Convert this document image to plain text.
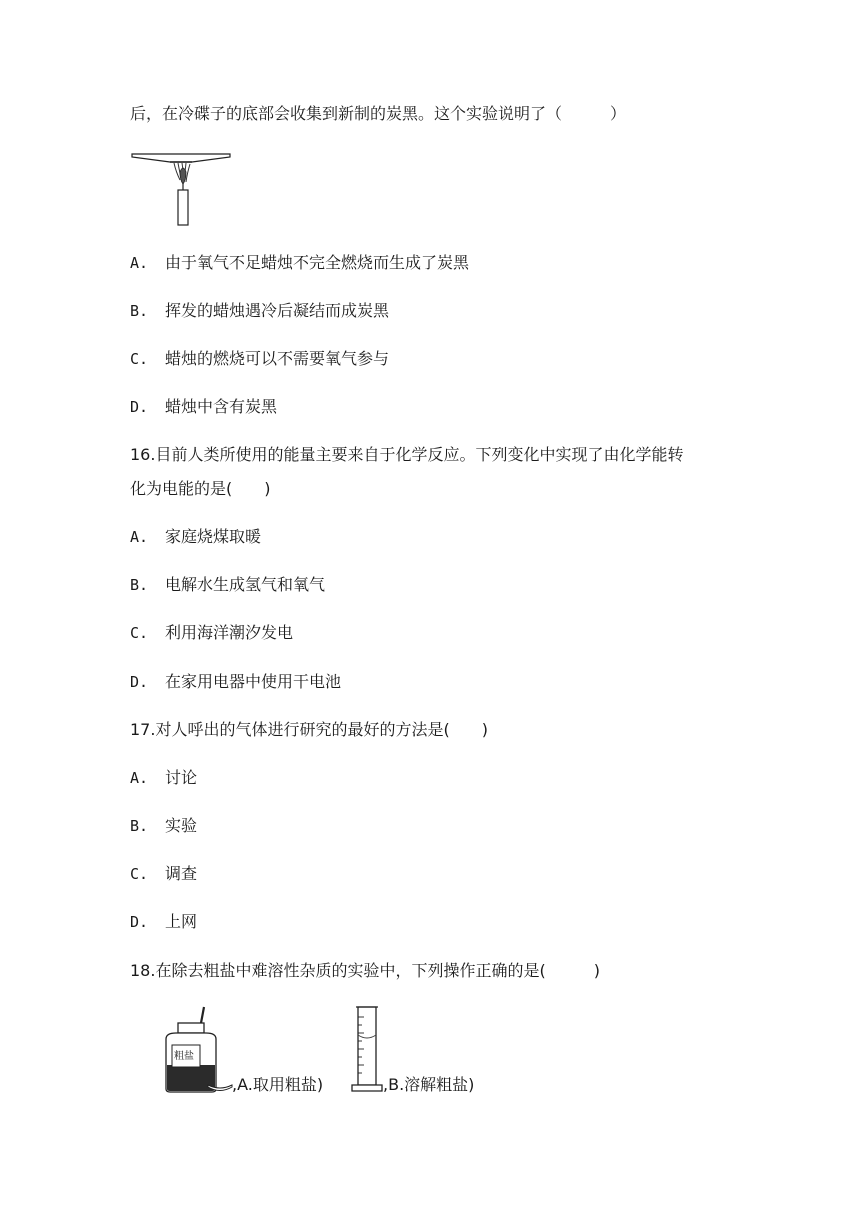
后，在冷碟子的底部会收集到新制的炭黑。这个实验说明了（　　　）
A. 由于氧气不足蜡烛不完全燃烧而生成了炭黑
B. 挥发的蜡烛遇冷后凝结而成炭黑
C. 蜡烛的燃烧可以不需要氧气参与
D. 蜡烛中含有炭黑
16.目前人类所使用的能量主要来自于化学反应。下列变化中实现了由化学能转
化为电能的是(　　)
A. 家庭烧煤取暖
B. 电解水生成氢气和氧气
C. 利用海洋潮汐发电
D. 在家用电器中使用干电池
17.对人呼出的气体进行研究的最好的方法是(　　)
A. 讨论
B. 实验
C. 调查
D. 上网
18.在除去粗盐中难溶性杂质的实验中，下列操作正确的是(　　　)
粗盐
,A.取用粗盐)	,B.溶解粗盐)
